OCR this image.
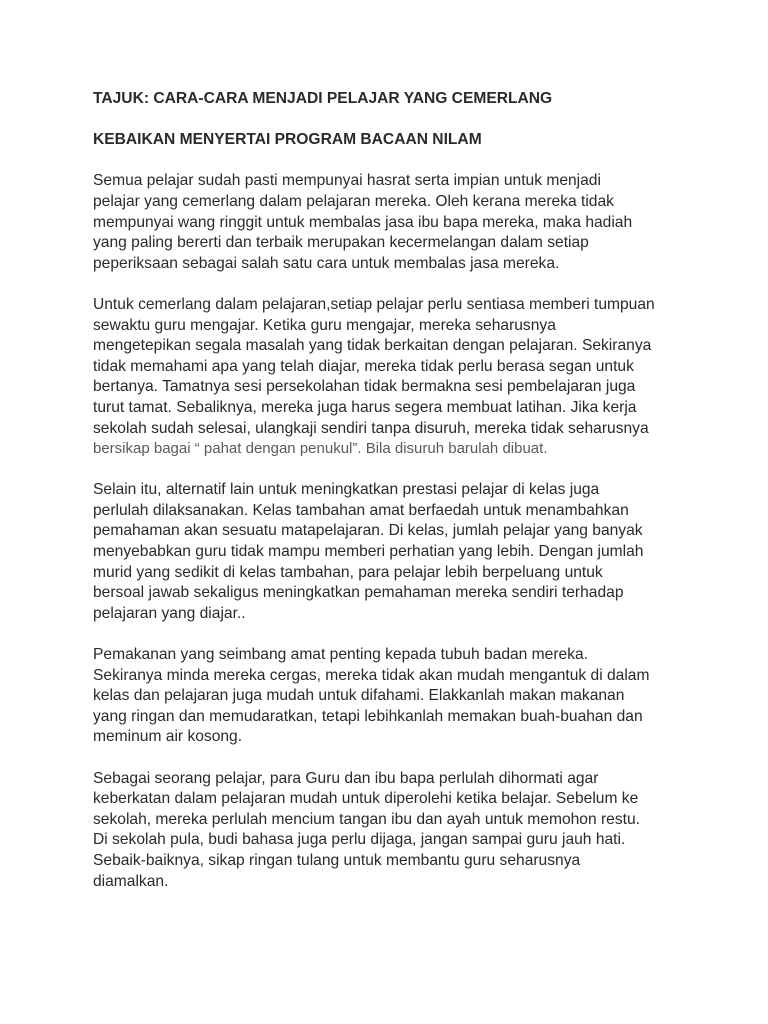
TAJUK: CARA-CARA MENJADI PELAJAR YANG CEMERLANG
KEBAIKAN MENYERTAI PROGRAM BACAAN NILAM
Semua pelajar sudah pasti mempunyai hasrat serta impian untuk menjadi
pelajar yang cemerlang dalam pelajaran mereka. Oleh kerana mereka tidak
mempunyai wang ringgit untuk membalas jasa ibu bapa mereka, maka hadiah
yang paling bererti dan terbaik merupakan kecermelangan dalam setiap
peperiksaan sebagai salah satu cara untuk membalas jasa mereka.
Untuk cemerlang dalam pelajaran,setiap pelajar perlu sentiasa memberi tumpuan
sewaktu guru mengajar. Ketika guru mengajar, mereka seharusnya
mengetepikan segala masalah yang tidak berkaitan dengan pelajaran. Sekiranya
tidak memahami apa yang telah diajar, mereka tidak perlu berasa segan untuk
bertanya. Tamatnya sesi persekolahan tidak bermakna sesi pembelajaran juga
turut tamat. Sebaliknya, mereka juga harus segera membuat latihan. Jika kerja
sekolah sudah selesai, ulangkaji sendiri tanpa disuruh, mereka tidak seharusnya
bersikap bagai “ pahat dengan penukul”. Bila disuruh barulah dibuat.
Selain itu, alternatif lain untuk meningkatkan prestasi pelajar di kelas juga
perlulah dilaksanakan. Kelas tambahan amat berfaedah untuk menambahkan
pemahaman akan sesuatu matapelajaran. Di kelas, jumlah pelajar yang banyak
menyebabkan guru tidak mampu memberi perhatian yang lebih. Dengan jumlah
murid yang sedikit di kelas tambahan, para pelajar lebih berpeluang untuk
bersoal jawab sekaligus meningkatkan pemahaman mereka sendiri terhadap
pelajaran yang diajar..
Pemakanan yang seimbang amat penting kepada tubuh badan mereka.
Sekiranya minda mereka cergas, mereka tidak akan mudah mengantuk di dalam
kelas dan pelajaran juga mudah untuk difahami. Elakkanlah makan makanan
yang ringan dan memudaratkan, tetapi lebihkanlah memakan buah-buahan dan
meminum air kosong.
Sebagai seorang pelajar, para Guru dan ibu bapa perlulah dihormati agar
keberkatan dalam pelajaran mudah untuk diperolehi ketika belajar. Sebelum ke
sekolah, mereka perlulah mencium tangan ibu dan ayah untuk memohon restu.
Di sekolah pula, budi bahasa juga perlu dijaga, jangan sampai guru jauh hati.
Sebaik-baiknya, sikap ringan tulang untuk membantu guru seharusnya
diamalkan.
